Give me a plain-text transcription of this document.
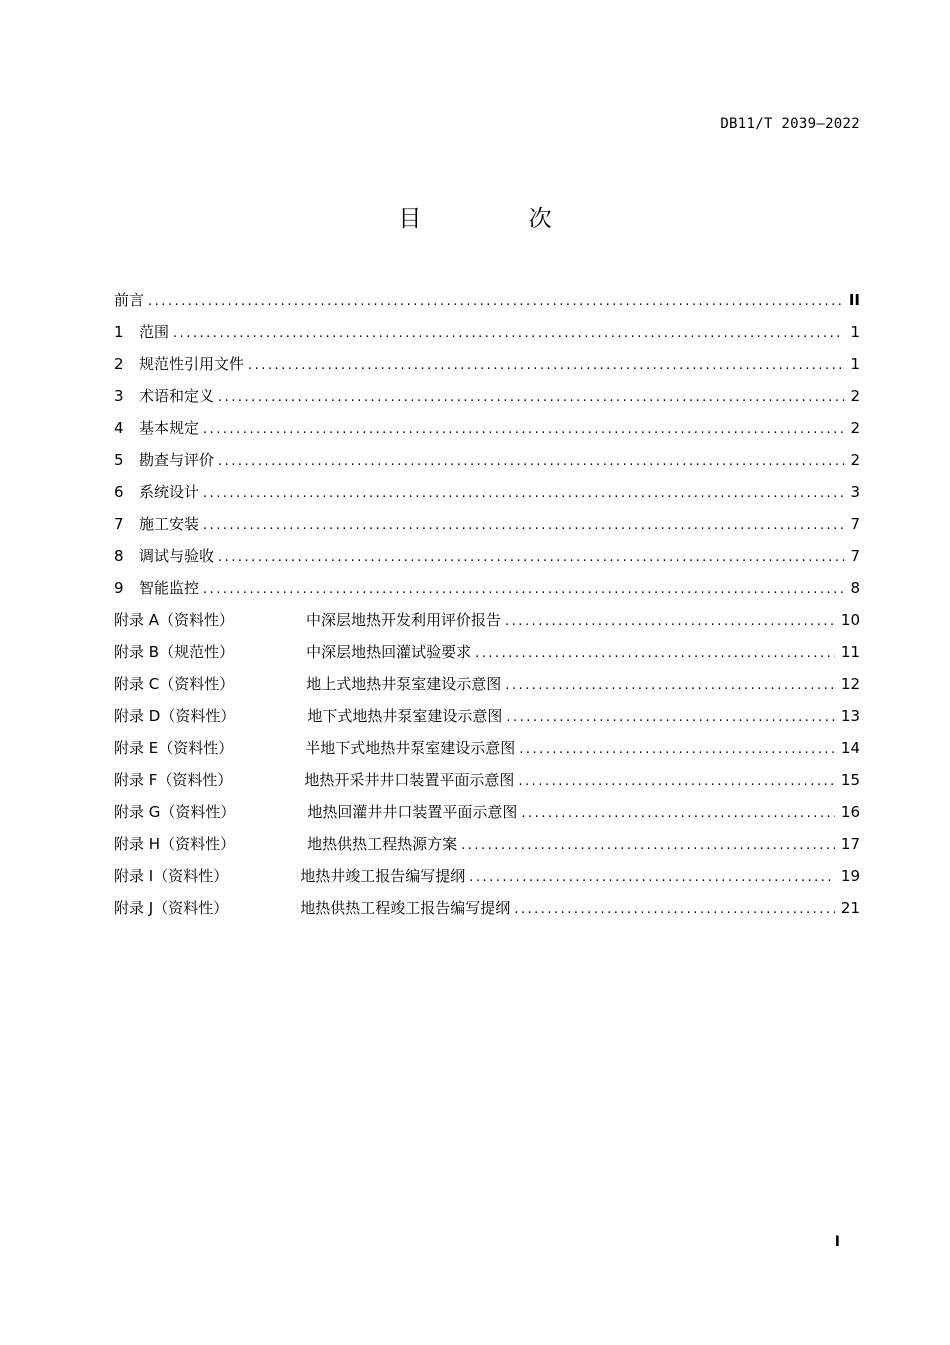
DB11/T 2039—2022
目 次
前言 .....	II
1	范围 .....	1
2	规范性引用文件 .....	1
3	术语和定义 .....	2
4	基本规定 .....	2
5	勘查与评价 .....	2
6	系统设计 .....	3
7	施工安装 .....	7
8	调试与验收 .....	7
9	智能监控 .....	8
附录 A （资料性）	中深层地热开发利用评价报告 .....	10
附录 B （规范性）	中深层地热回灌试验要求 .....	11
附录 C （资料性）	地上式地热井泵室建设示意图 .....	12
附录 D （资料性）	地下式地热井泵室建设示意图 .....	13
附录 E （资料性）	半地下式地热井泵室建设示意图 .....	14
附录 F （资料性）	地热开采井井口装置平面示意图 .....	15
附录 G （资料性）	地热回灌井井口装置平面示意图 .....	16
附录 H （资料性）	地热供热工程热源方案 .....	17
附录 I （资料性）	地热井竣工报告编写提纲 .....	19
附录 J （资料性）	地热供热工程竣工报告编写提纲 .....	21
I
